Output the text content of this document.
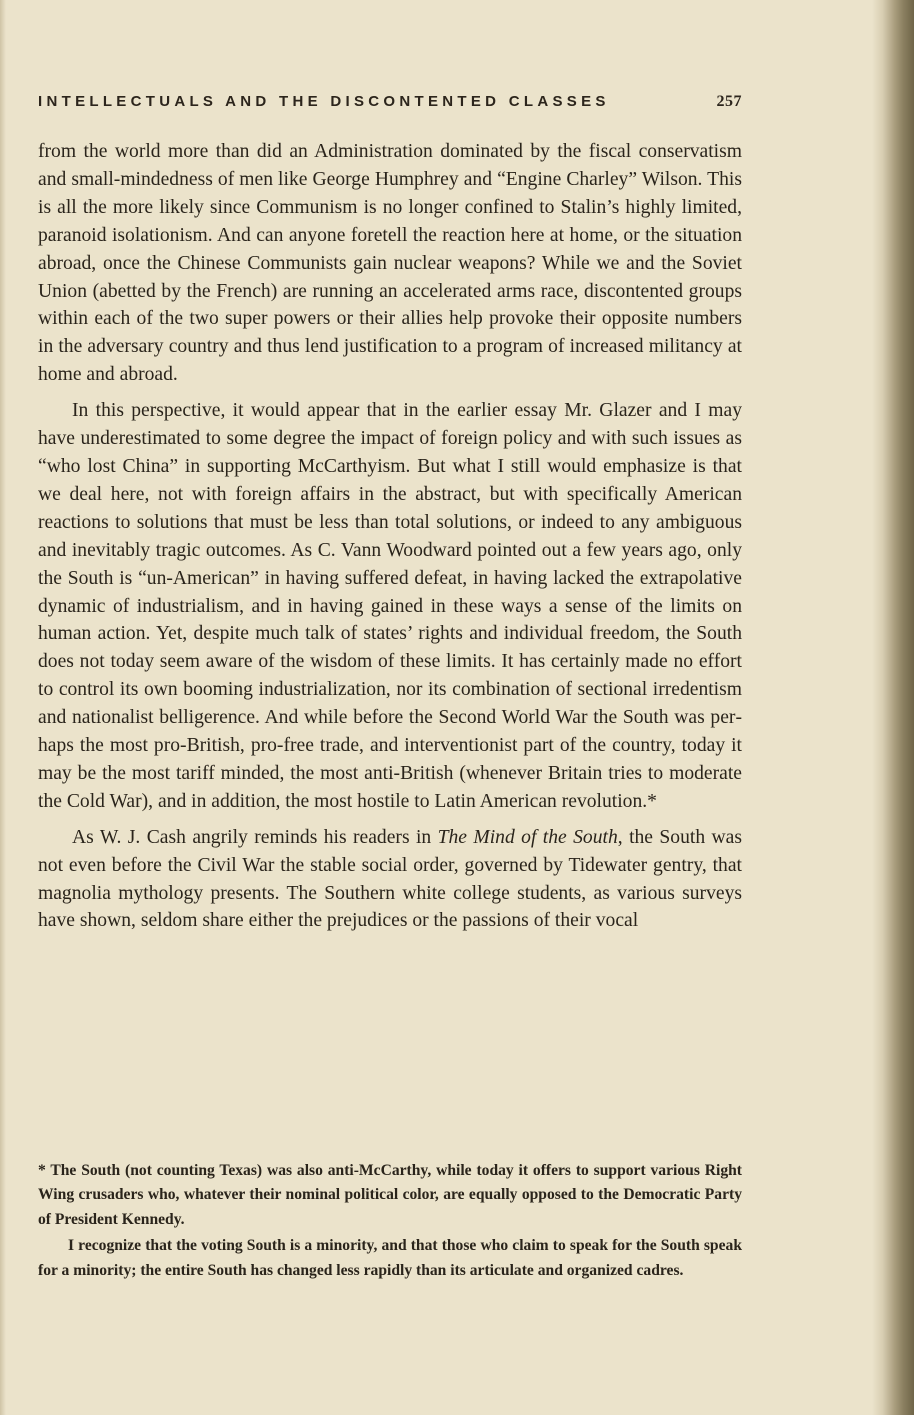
INTELLECTUALS AND THE DISCONTENTED CLASSES	257

from the world more than did an Administration dominated by the fiscal conservatism and small-mindedness of men like George Humphrey and “Engine Charley” Wilson. This is all the more likely since Communism is no longer confined to Stalin’s highly limited, paranoid isolationism. And can anyone foretell the reaction here at home, or the situation abroad, once the Chinese Communists gain nuclear weapons? While we and the Soviet Union (abetted by the French) are running an accelerated arms race, discontented groups within each of the two super powers or their allies help provoke their opposite numbers in the adversary country and thus lend justification to a program of increased militancy at home and abroad.

In this perspective, it would appear that in the earlier essay Mr. Glazer and I may have underestimated to some degree the impact of foreign policy and with such issues as “who lost China” in supporting McCarthyism. But what I still would emphasize is that we deal here, not with foreign affairs in the abstract, but with specifically American reactions to solutions that must be less than total solutions, or indeed to any ambiguous and inevitably tragic outcomes. As C. Vann Woodward pointed out a few years ago, only the South is “un-American” in having suffered defeat, in having lacked the extrapolative dynamic of industrialism, and in having gained in these ways a sense of the limits on human action. Yet, despite much talk of states’ rights and individual freedom, the South does not today seem aware of the wisdom of these limits. It has certainly made no effort to control its own booming industrialization, nor its combination of sectional irredentism and nationalist belligerence. And while before the Second World War the South was perhaps the most pro-British, pro-free trade, and interventionist part of the country, today it may be the most tariff minded, the most anti-British (whenever Britain tries to moderate the Cold War), and in addition, the most hostile to Latin American revolution.*

As W. J. Cash angrily reminds his readers in The Mind of the South, the South was not even before the Civil War the stable social order, governed by Tidewater gentry, that magnolia mythology presents. The Southern white college students, as various surveys have shown, seldom share either the prejudices or the passions of their vocal

* The South (not counting Texas) was also anti-McCarthy, while today it offers to support various Right Wing crusaders who, whatever their nominal political color, are equally opposed to the Democratic Party of President Kennedy.

I recognize that the voting South is a minority, and that those who claim to speak for the South speak for a minority; the entire South has changed less rapidly than its articulate and organized cadres.
